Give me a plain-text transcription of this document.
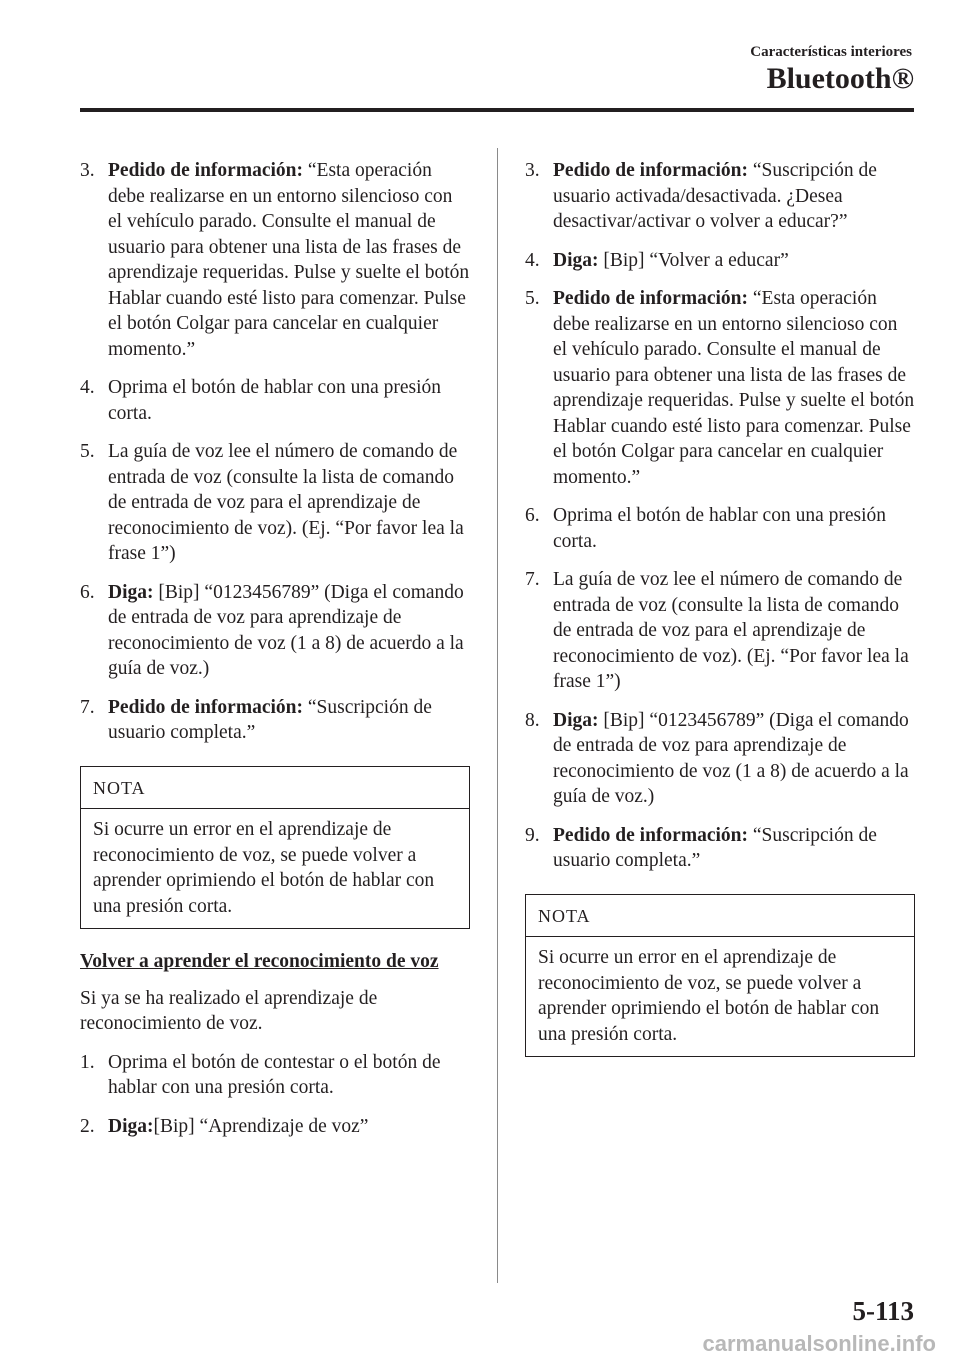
Características interiores
Bluetooth®
3. Pedido de información: “Esta operación debe realizarse en un entorno silencioso con el vehículo parado. Consulte el manual de usuario para obtener una lista de las frases de aprendizaje requeridas. Pulse y suelte el botón Hablar cuando esté listo para comenzar. Pulse el botón Colgar para cancelar en cualquier momento.”
4. Oprima el botón de hablar con una presión corta.
5. La guía de voz lee el número de comando de entrada de voz (consulte la lista de comando de entrada de voz para el aprendizaje de reconocimiento de voz). (Ej. “Por favor lea la frase 1”)
6. Diga: [Bip] “0123456789” (Diga el comando de entrada de voz para aprendizaje de reconocimiento de voz (1 a 8) de acuerdo a la guía de voz.)
7. Pedido de información: “Suscripción de usuario completa.”
NOTA
Si ocurre un error en el aprendizaje de reconocimiento de voz, se puede volver a aprender oprimiendo el botón de hablar con una presión corta.
Volver a aprender el reconocimiento de voz
Si ya se ha realizado el aprendizaje de reconocimiento de voz.
1. Oprima el botón de contestar o el botón de hablar con una presión corta.
2. Diga:[Bip] “Aprendizaje de voz”
3. Pedido de información: “Suscripción de usuario activada/desactivada. ¿Desea desactivar/activar o volver a educar?”
4. Diga: [Bip] “Volver a educar”
5. Pedido de información: “Esta operación debe realizarse en un entorno silencioso con el vehículo parado. Consulte el manual de usuario para obtener una lista de las frases de aprendizaje requeridas. Pulse y suelte el botón Hablar cuando esté listo para comenzar. Pulse el botón Colgar para cancelar en cualquier momento.”
6. Oprima el botón de hablar con una presión corta.
7. La guía de voz lee el número de comando de entrada de voz (consulte la lista de comando de entrada de voz para el aprendizaje de reconocimiento de voz). (Ej. “Por favor lea la frase 1”)
8. Diga: [Bip] “0123456789” (Diga el comando de entrada de voz para aprendizaje de reconocimiento de voz (1 a 8) de acuerdo a la guía de voz.)
9. Pedido de información: “Suscripción de usuario completa.”
NOTA
Si ocurre un error en el aprendizaje de reconocimiento de voz, se puede volver a aprender oprimiendo el botón de hablar con una presión corta.
5-113
carmanualsonline.info
